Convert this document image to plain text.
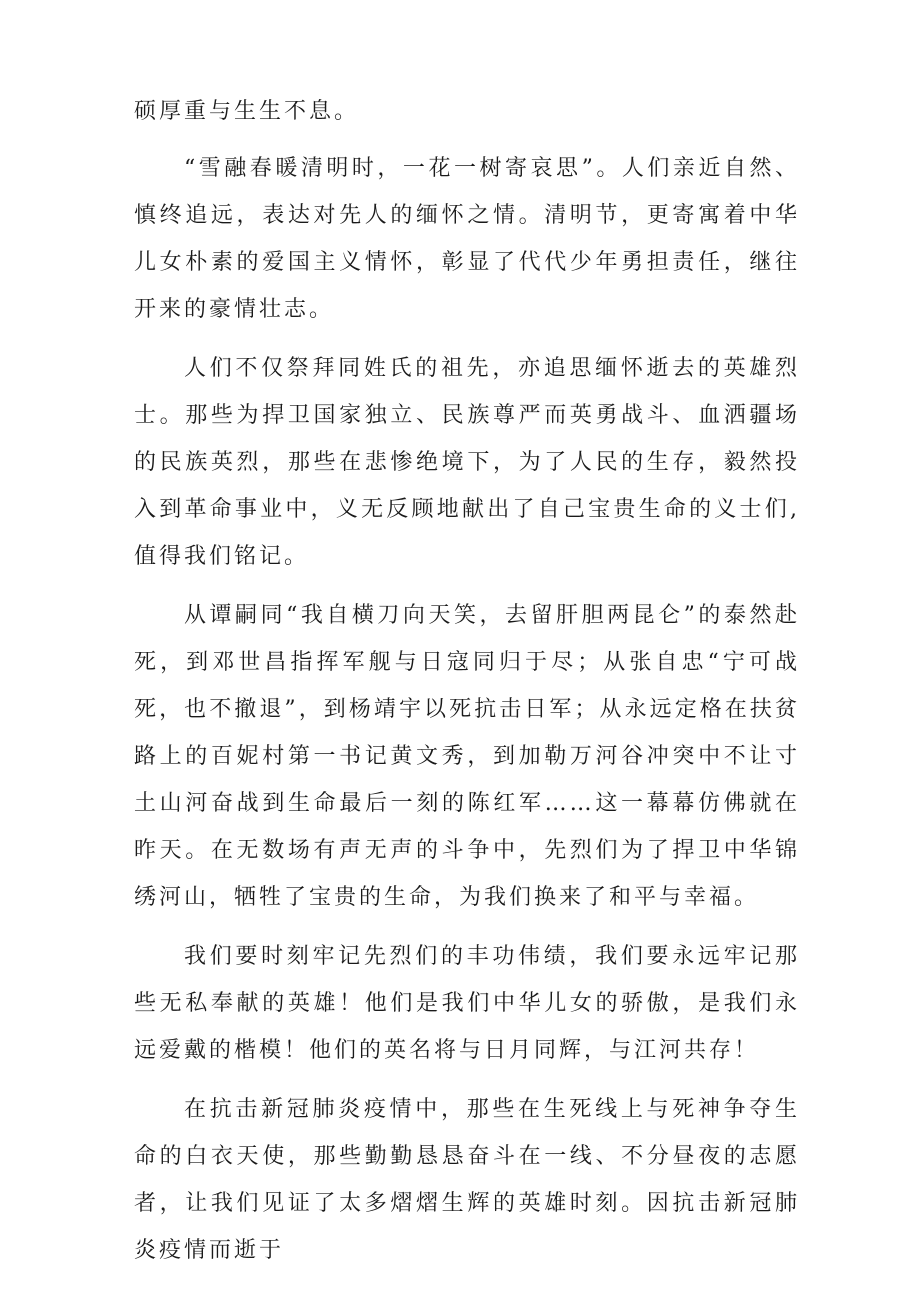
硕厚重与生生不息。

“雪融春暖清明时，一花一树寄哀思”。人们亲近自然、慎终追远，表达对先人的缅怀之情。清明节，更寄寓着中华儿女朴素的爱国主义情怀，彰显了代代少年勇担责任，继往开来的豪情壮志。

人们不仅祭拜同姓氏的祖先，亦追思缅怀逝去的英雄烈士。那些为捍卫国家独立、民族尊严而英勇战斗、血洒疆场的民族英烈，那些在悲惨绝境下，为了人民的生存，毅然投入到革命事业中，义无反顾地献出了自己宝贵生命的义士们,值得我们铭记。

从谭嗣同“我自横刀向天笑，去留肝胆两昆仑”的泰然赴死，到邓世昌指挥军舰与日寇同归于尽；从张自忠“宁可战死，也不撤退”，到杨靖宇以死抗击日军；从永远定格在扶贫路上的百妮村第一书记黄文秀，到加勒万河谷冲突中不让寸土山河奋战到生命最后一刻的陈红军……这一幕幕仿佛就在昨天。在无数场有声无声的斗争中，先烈们为了捍卫中华锦绣河山，牺牲了宝贵的生命，为我们换来了和平与幸福。

我们要时刻牢记先烈们的丰功伟绩，我们要永远牢记那些无私奉献的英雄！他们是我们中华儿女的骄傲，是我们永远爱戴的楷模！他们的英名将与日月同辉，与江河共存！

在抗击新冠肺炎疫情中，那些在生死线上与死神争夺生命的白衣天使，那些勤勤恳恳奋斗在一线、不分昼夜的志愿者，让我们见证了太多熠熠生辉的英雄时刻。因抗击新冠肺炎疫情而逝于
